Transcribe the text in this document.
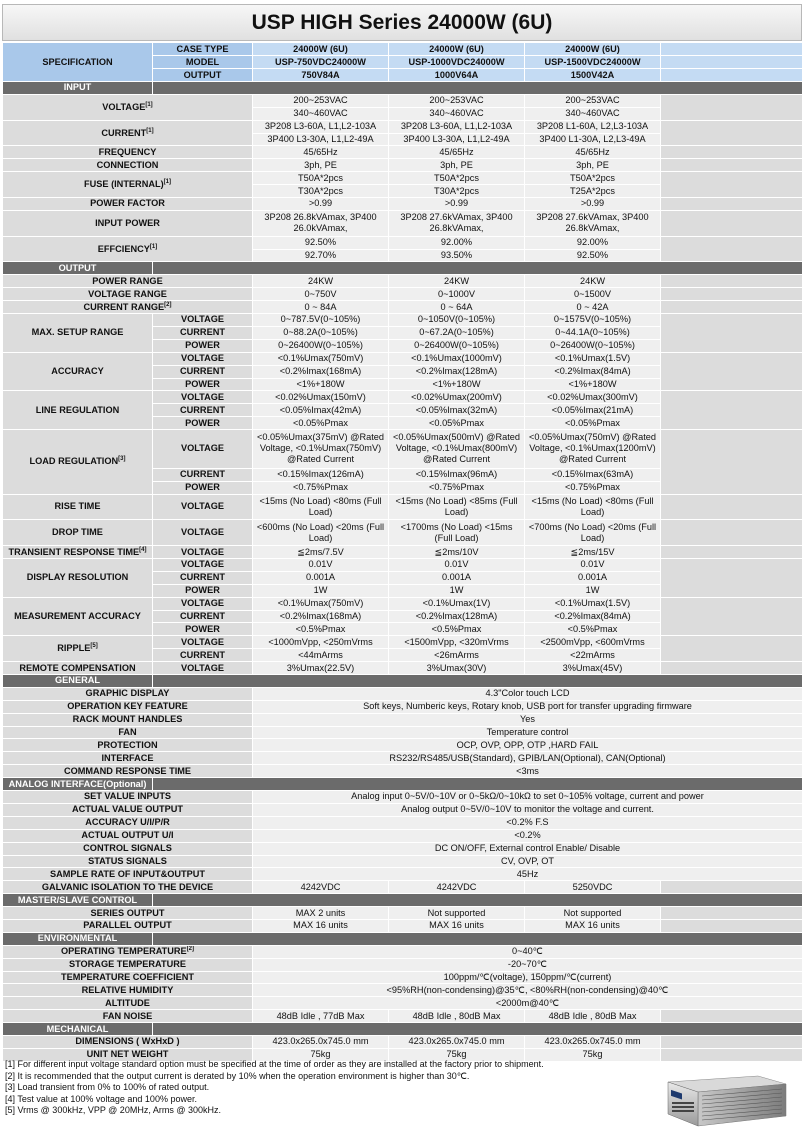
USP HIGH Series 24000W (6U)
SPECIFICATION	CASE TYPE	24000W (6U)	24000W (6U)	24000W (6U)	
	MODEL	USP-750VDC24000W	USP-1000VDC24000W	USP-1500VDC24000W	
	OUTPUT	750V84A	1000V64A	1500V42A	
INPUT					
VOLTAGE[1]		200~253VAC	200~253VAC	200~253VAC	
		340~460VAC	340~460VAC	340~460VAC	
CURRENT[1]		3P208 L3-60A, L1,L2-103A	3P208 L3-60A, L1,L2-103A	3P208 L1-60A, L2,L3-103A	
		3P400 L3-30A, L1,L2-49A	3P400 L3-30A, L1,L2-49A	3P400 L1-30A, L2,L3-49A	
FREQUENCY		45/65Hz	45/65Hz	45/65Hz	
CONNECTION		3ph, PE	3ph, PE	3ph, PE	
FUSE (INTERNAL)[1]		T50A*2pcs	T50A*2pcs	T50A*2pcs	
		T30A*2pcs	T30A*2pcs	T25A*2pcs	
POWER FACTOR		>0.99	>0.99	>0.99	
INPUT POWER		3P208 26.8kVAmax, 3P400 26.0kVAmax,	3P208 27.6kVAmax, 3P400 26.8kVAmax,	3P208 27.6kVAmax, 3P400 26.8kVAmax,	
EFFCIENCY[1]		92.50%	92.00%	92.00%	
		92.70%	93.50%	92.50%	
OUTPUT					
POWER RANGE		24KW	24KW	24KW	
VOLTAGE RANGE		0~750V	0~1000V	0~1500V	
CURRENT RANGE[2]		0 ~ 84A	0 ~ 64A	0 ~ 42A	
MAX. SETUP RANGE	VOLTAGE	0~787.5V(0~105%)	0~1050V(0~105%)	0~1575V(0~105%)	
	CURRENT	0~88.2A(0~105%)	0~67.2A(0~105%)	0~44.1A(0~105%)	
	POWER	0~26400W(0~105%)	0~26400W(0~105%)	0~26400W(0~105%)	
ACCURACY	VOLTAGE	<0.1%Umax(750mV)	<0.1%Umax(1000mV)	<0.1%Umax(1.5V)	
	CURRENT	<0.2%Imax(168mA)	<0.2%Imax(128mA)	<0.2%Imax(84mA)	
	POWER	<1%+180W	<1%+180W	<1%+180W	
LINE REGULATION	VOLTAGE	<0.02%Umax(150mV)	<0.02%Umax(200mV)	<0.02%Umax(300mV)	
	CURRENT	<0.05%Imax(42mA)	<0.05%Imax(32mA)	<0.05%Imax(21mA)	
	POWER	<0.05%Pmax	<0.05%Pmax	<0.05%Pmax	
LOAD REGULATION[3]	VOLTAGE	<0.05%Umax(375mV) @Rated Voltage, <0.1%Umax(750mV) @Rated Current	<0.05%Umax(500mV) @Rated Voltage, <0.1%Umax(800mV) @Rated Current	<0.05%Umax(750mV) @Rated Voltage, <0.1%Umax(1200mV) @Rated Current	
	CURRENT	<0.15%Imax(126mA)	<0.15%Imax(96mA)	<0.15%Imax(63mA)	
	POWER	<0.75%Pmax	<0.75%Pmax	<0.75%Pmax	
RISE TIME	VOLTAGE	<15ms (No Load) <80ms (Full Load)	<15ms (No Load) <85ms (Full Load)	<15ms (No Load) <80ms (Full Load)	
DROP TIME	VOLTAGE	<600ms (No Load) <20ms (Full Load)	<1700ms (No Load) <15ms (Full Load)	<700ms (No Load) <20ms (Full Load)	
TRANSIENT RESPONSE TIME[4]	VOLTAGE	≦2ms/7.5V	≦2ms/10V	≦2ms/15V	
DISPLAY RESOLUTION	VOLTAGE	0.01V	0.01V	0.01V	
	CURRENT	0.001A	0.001A	0.001A	
	POWER	1W	1W	1W	
MEASUREMENT ACCURACY	VOLTAGE	<0.1%Umax(750mV)	<0.1%Umax(1V)	<0.1%Umax(1.5V)	
	CURRENT	<0.2%Imax(168mA)	<0.2%Imax(128mA)	<0.2%Imax(84mA)	
	POWER	<0.5%Pmax	<0.5%Pmax	<0.5%Pmax	
RIPPLE[5]	VOLTAGE	<1000mVpp, <250mVrms	<1500mVpp, <320mVrms	<2500mVpp, <600mVrms	
	CURRENT	<44mArms	<26mArms	<22mArms	
REMOTE COMPENSATION	VOLTAGE	3%Umax(22.5V)	3%Umax(30V)	3%Umax(45V)	
GENERAL					
GRAPHIC DISPLAY		4.3"Color touch LCD			
OPERATION KEY FEATURE		Soft keys, Numberic keys, Rotary knob, USB port for transfer upgrading firmware			
RACK MOUNT HANDLES		Yes			
FAN		Temperature control			
PROTECTION		OCP, OVP, OPP, OTP ,HARD FAIL			
INTERFACE		RS232/RS485/USB(Standard), GPIB/LAN(Optional), CAN(Optional)			
COMMAND RESPONSE TIME		<3ms			
ANALOG INTERFACE(Optional)					
SET VALUE INPUTS		Analog input 0~5V/0~10V or 0~5kΩ/0~10kΩ to set 0~105% voltage, current and power			
ACTUAL VALUE OUTPUT		Analog output 0~5V/0~10V to monitor the voltage and current.			
ACCURACY U/I/P/R		<0.2% F.S			
ACTUAL OUTPUT U/I		<0.2%			
CONTROL SIGNALS		DC ON/OFF, External control Enable/ Disable			
STATUS SIGNALS		CV, OVP, OT			
SAMPLE RATE OF INPUT&OUTPUT		45Hz			
GALVANIC ISOLATION TO THE DEVICE		4242VDC	4242VDC	5250VDC	
MASTER/SLAVE CONTROL					
SERIES OUTPUT		MAX 2 units	Not supported	Not supported	
PARALLEL OUTPUT		MAX 16 units	MAX 16 units	MAX 16 units	
ENVIRONMENTAL					
OPERATING TEMPERATURE[2]		0~40℃			
STORAGE TEMPERATURE		-20~70℃			
TEMPERATURE COEFFICIENT		100ppm/℃(voltage), 150ppm/℃(current)			
RELATIVE HUMIDITY		<95%RH(non-condensing)@35℃, <80%RH(non-condensing)@40℃			
ALTITUDE		<2000m@40℃			
FAN NOISE		48dB Idle , 77dB Max	48dB Idle , 80dB Max	48dB Idle , 80dB Max	
MECHANICAL					
DIMENSIONS ( WxHxD )		423.0x265.0x745.0 mm	423.0x265.0x745.0 mm	423.0x265.0x745.0 mm	
UNIT NET WEIGHT		75kg	75kg	75kg	
[1] For different input voltage standard option must be specified at the time of order as they are installed at the factory prior to shipment.
[2] It is recommended that the output current is derated by 10% when the operation environment is higher than 30℃.
[3] Load transient from 0% to 100% of rated output.
[4] Test value at 100% voltage and 100% power.
[5] Vrms @ 300kHz, VPP @ 20MHz, Arms @ 300kHz.
